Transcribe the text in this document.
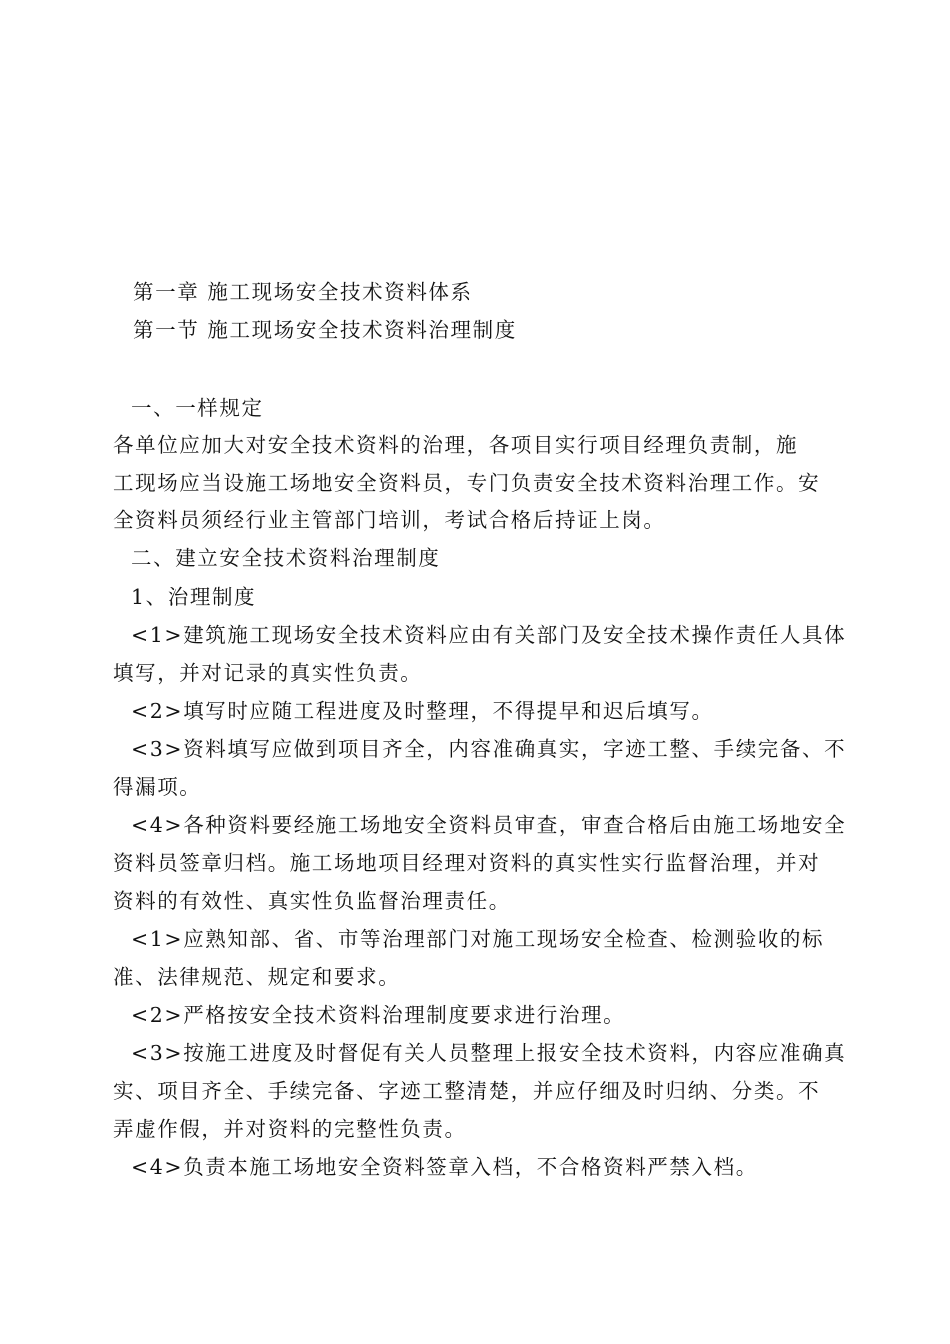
第一章 施工现场安全技术资料体系
第一节 施工现场安全技术资料治理制度
一、一样规定
各单位应加大对安全技术资料的治理，各项目实行项目经理负责制，施
工现场应当设施工场地安全资料员，专门负责安全技术资料治理工作。安
全资料员须经行业主管部门培训，考试合格后持证上岗。
二、建立安全技术资料治理制度
1、治理制度
<1>建筑施工现场安全技术资料应由有关部门及安全技术操作责任人具体
填写，并对记录的真实性负责。
<2>填写时应随工程进度及时整理，不得提早和迟后填写。
<3>资料填写应做到项目齐全，内容准确真实，字迹工整、手续完备、不
得漏项。
<4>各种资料要经施工场地安全资料员审查，审查合格后由施工场地安全
资料员签章归档。施工场地项目经理对资料的真实性实行监督治理，并对
资料的有效性、真实性负监督治理责任。
<1>应熟知部、省、市等治理部门对施工现场安全检查、检测验收的标
准、法律规范、规定和要求。
<2>严格按安全技术资料治理制度要求进行治理。
<3>按施工进度及时督促有关人员整理上报安全技术资料，内容应准确真
实、项目齐全、手续完备、字迹工整清楚，并应仔细及时归纳、分类。不
弄虚作假，并对资料的完整性负责。
<4>负责本施工场地安全资料签章入档，不合格资料严禁入档。
